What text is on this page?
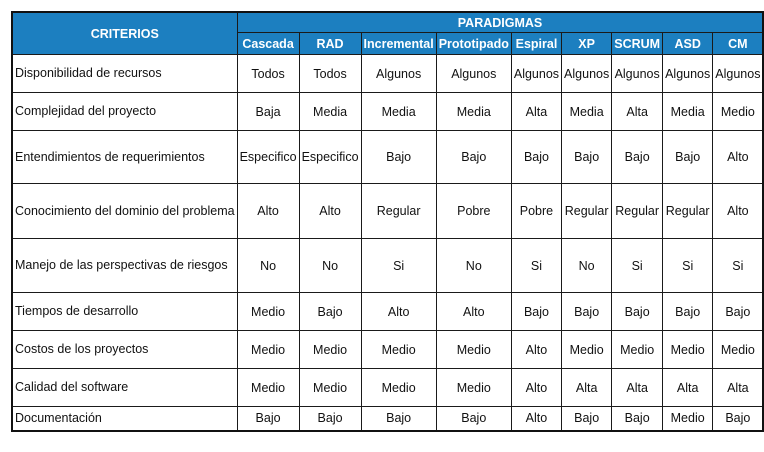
CRITERIOS	PARADIGMAS								
	Cascada	RAD	Incremental	Prototipado	Espiral	XP	SCRUM	ASD	CM
Disponibilidad de recursos	Todos	Todos	Algunos	Algunos	Algunos	Algunos	Algunos	Algunos	Algunos
Complejidad del proyecto	Baja	Media	Media	Media	Alta	Media	Alta	Media	Medio
Entendimientos de requerimientos	Especifico	Especifico	Bajo	Bajo	Bajo	Bajo	Bajo	Bajo	Alto
Conocimiento del dominio del problema	Alto	Alto	Regular	Pobre	Pobre	Regular	Regular	Regular	Alto
Manejo de las perspectivas de riesgos	No	No	Si	No	Si	No	Si	Si	Si
Tiempos de desarrollo	Medio	Bajo	Alto	Alto	Bajo	Bajo	Bajo	Bajo	Bajo
Costos de los proyectos	Medio	Medio	Medio	Medio	Alto	Medio	Medio	Medio	Medio
Calidad del software	Medio	Medio	Medio	Medio	Alto	Alta	Alta	Alta	Alta
Documentación	Bajo	Bajo	Bajo	Bajo	Alto	Bajo	Bajo	Medio	Bajo
